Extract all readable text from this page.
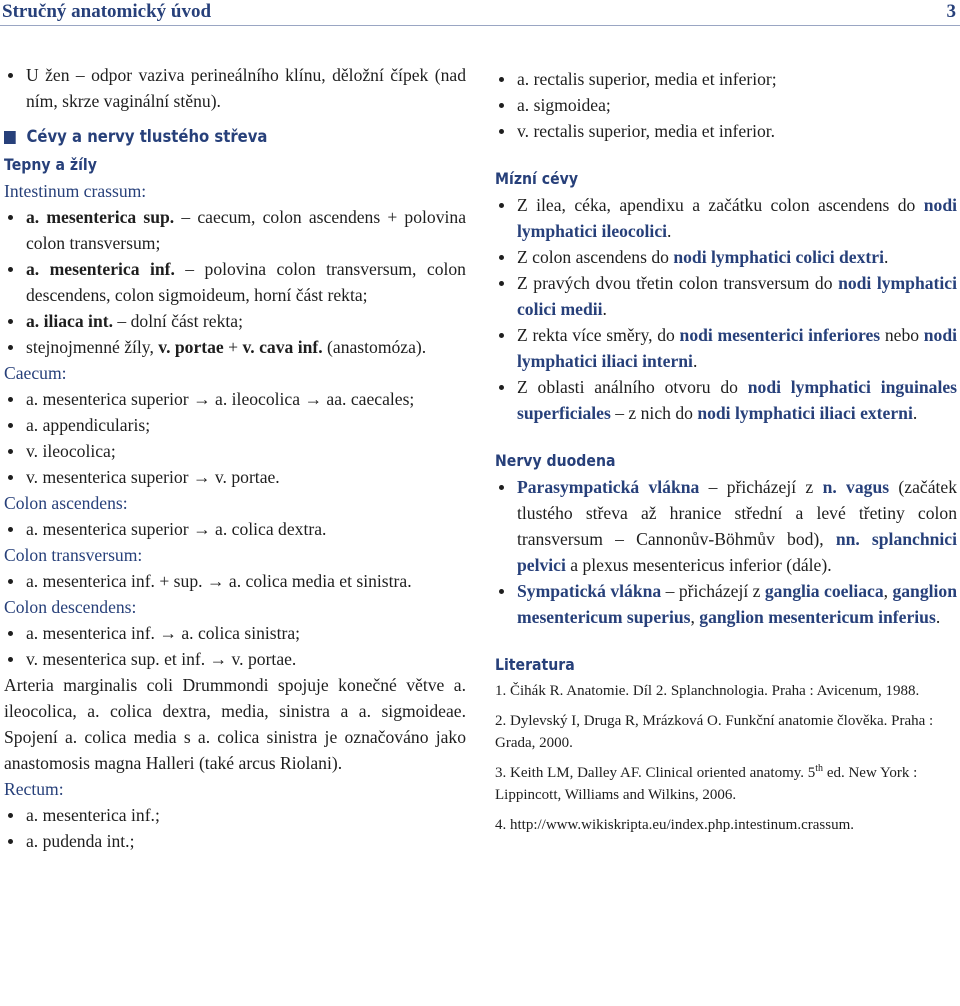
Stručný anatomický úvod	3
U žen – odpor vaziva perineálního klínu, děložní čípek (nad ním, skrze vaginální stěnu).
Cévy a nervy tlustého střeva
Tepny a žíly

Intestinum crassum:

a. mesenterica sup. – caecum, colon ascendens + polovina colon transversum;
a. mesenterica inf. – polovina colon transversum, colon descendens, colon sigmoideum, horní část rekta;
a. iliaca int. – dolní část rekta;
stejnojmenné žíly, v. portae + v. cava inf. (anastomóza).

Caecum:

a. mesenterica superior → a. ileocolica → aa. caecales;
a. appendicularis;
v. ileocolica;
v. mesenterica superior → v. portae.

Colon ascendens:

a. mesenterica superior → a. colica dextra.

Colon transversum:

a. mesenterica inf. + sup. → a. colica media et sinistra.

Colon descendens:

a. mesenterica inf. → a. colica sinistra;
v. mesenterica sup. et inf. → v. portae.

Arteria marginalis coli Drummondi spojuje konečné větve a. ileocolica, a. colica dextra, media, sinistra a a. sigmoideae. Spojení a. colica media s a. colica sinistra je označováno jako anastomosis magna Halleri (také arcus Riolani).

Rectum:

a. mesenterica inf.;
a. pudenda int.;
a. rectalis superior, media et inferior;
a. sigmoidea;
v. rectalis superior, media et inferior.
Mízní cévy
Z ilea, céka, apendixu a začátku colon ascendens do nodi lymphatici ileocolici.
Z colon ascendens do nodi lymphatici colici dextri.
Z pravých dvou třetin colon transversum do nodi lymphatici colici medii.
Z rekta více směry, do nodi mesenterici inferiores nebo nodi lymphatici iliaci interni.
Z oblasti análního otvoru do nodi lymphatici inguinales superficiales – z nich do nodi lymphatici iliaci externi.
Nervy duodena
Parasympatická vlákna – přicházejí z n. vagus (začátek tlustého střeva až hranice střední a levé třetiny colon transversum – Cannonův-Böhmův bod), nn. splanchnici pelvici a plexus mesentericus inferior (dále).
Sympatická vlákna – přicházejí z ganglia coeliaca, ganglion mesentericum superius, ganglion mesentericum inferius.
Literatura

1. Čihák R. Anatomie. Díl 2. Splanchnologia. Praha : Avicenum, 1988.

2. Dylevský I, Druga R, Mrázková O. Funkční anatomie člověka. Praha : Grada, 2000.

3. Keith LM, Dalley AF. Clinical oriented anatomy. 5th ed. New York : Lippincott, Williams and Wilkins, 2006.

4. http://www.wikiskripta.eu/index.php.intestinum.crassum.
